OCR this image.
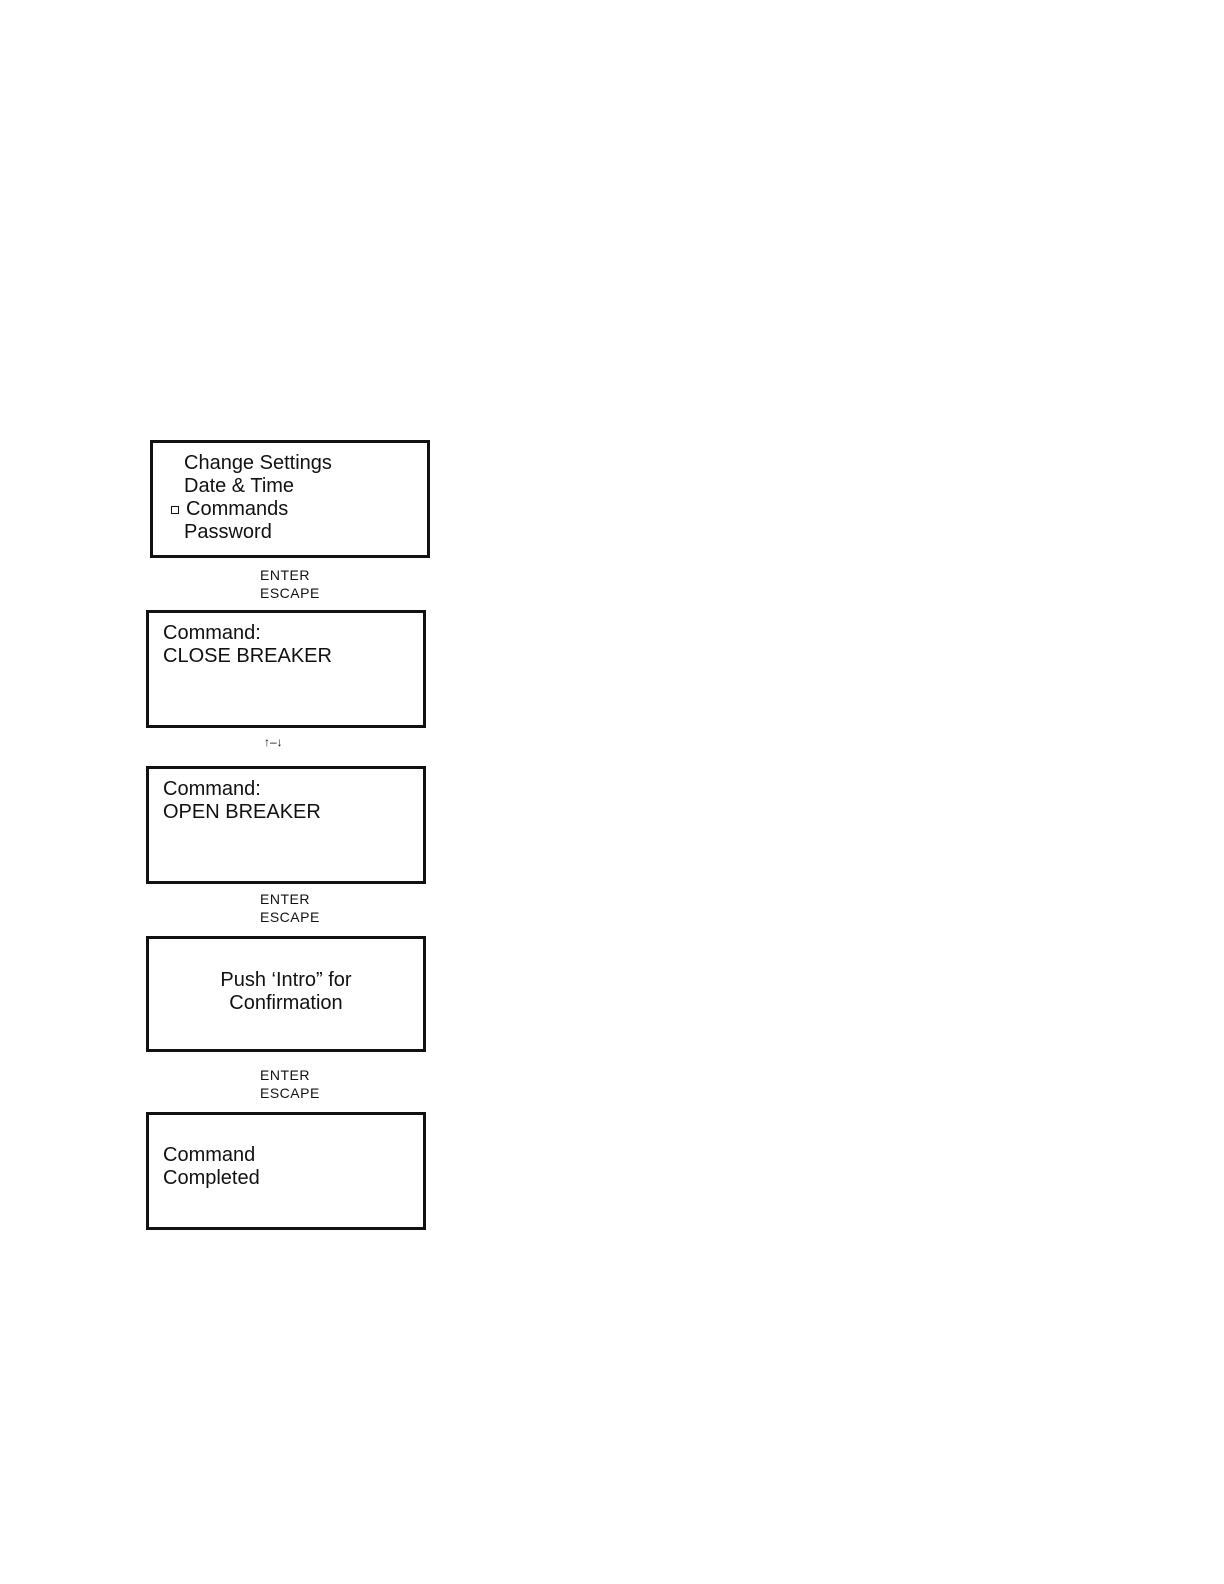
Change Settings
Date & Time
Commands
Password
ENTER
ESCAPE
Command:
CLOSE BREAKER
↑–↓
Command:
OPEN BREAKER
ENTER
ESCAPE
Push ‘Intro” for
Confirmation
ENTER
ESCAPE
Command
Completed
